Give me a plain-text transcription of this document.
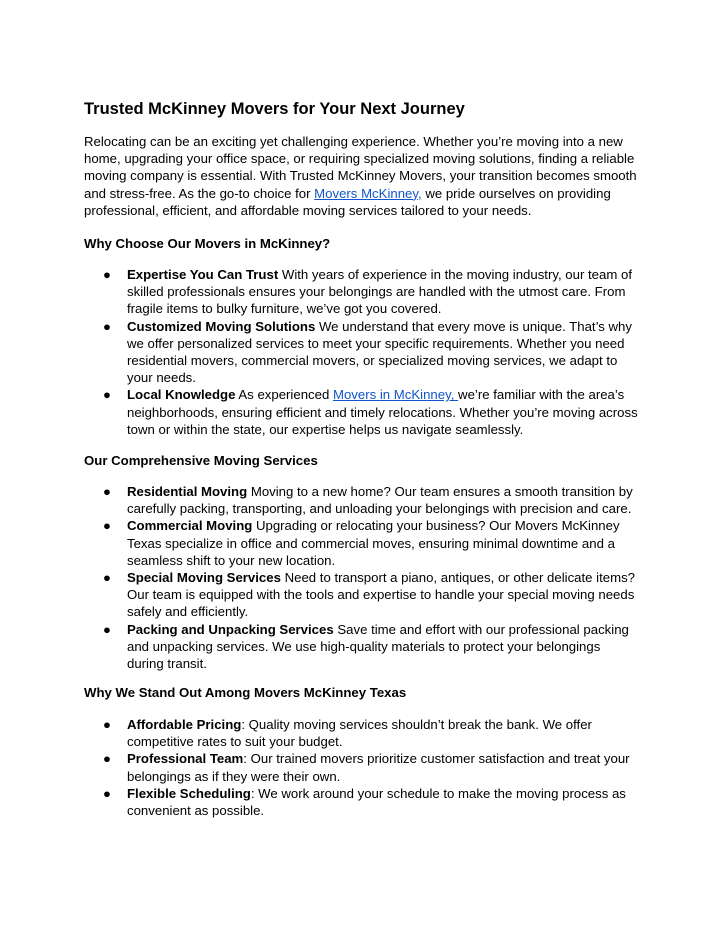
Trusted McKinney Movers for Your Next Journey

Relocating can be an exciting yet challenging experience. Whether you’re moving into a new home, upgrading your office space, or requiring specialized moving solutions, finding a reliable moving company is essential. With Trusted McKinney Movers, your transition becomes smooth and stress-free. As the go-to choice for Movers McKinney, we pride ourselves on providing professional, efficient, and affordable moving services tailored to your needs.

Why Choose Our Movers in McKinney?
● Expertise You Can Trust With years of experience in the moving industry, our team of skilled professionals ensures your belongings are handled with the utmost care. From fragile items to bulky furniture, we’ve got you covered.
● Customized Moving Solutions We understand that every move is unique. That’s why we offer personalized services to meet your specific requirements. Whether you need residential movers, commercial movers, or specialized moving services, we adapt to your needs.
● Local Knowledge As experienced Movers in McKinney, we’re familiar with the area’s neighborhoods, ensuring efficient and timely relocations. Whether you’re moving across town or within the state, our expertise helps us navigate seamlessly.
Our Comprehensive Moving Services
● Residential Moving Moving to a new home? Our team ensures a smooth transition by carefully packing, transporting, and unloading your belongings with precision and care.
● Commercial Moving Upgrading or relocating your business? Our Movers McKinney Texas specialize in office and commercial moves, ensuring minimal downtime and a seamless shift to your new location.
● Special Moving Services Need to transport a piano, antiques, or other delicate items? Our team is equipped with the tools and expertise to handle your special moving needs safely and efficiently.
● Packing and Unpacking Services Save time and effort with our professional packing and unpacking services. We use high-quality materials to protect your belongings during transit.
Why We Stand Out Among Movers McKinney Texas
● Affordable Pricing: Quality moving services shouldn’t break the bank. We offer competitive rates to suit your budget.
● Professional Team: Our trained movers prioritize customer satisfaction and treat your belongings as if they were their own.
● Flexible Scheduling: We work around your schedule to make the moving process as convenient as possible.
